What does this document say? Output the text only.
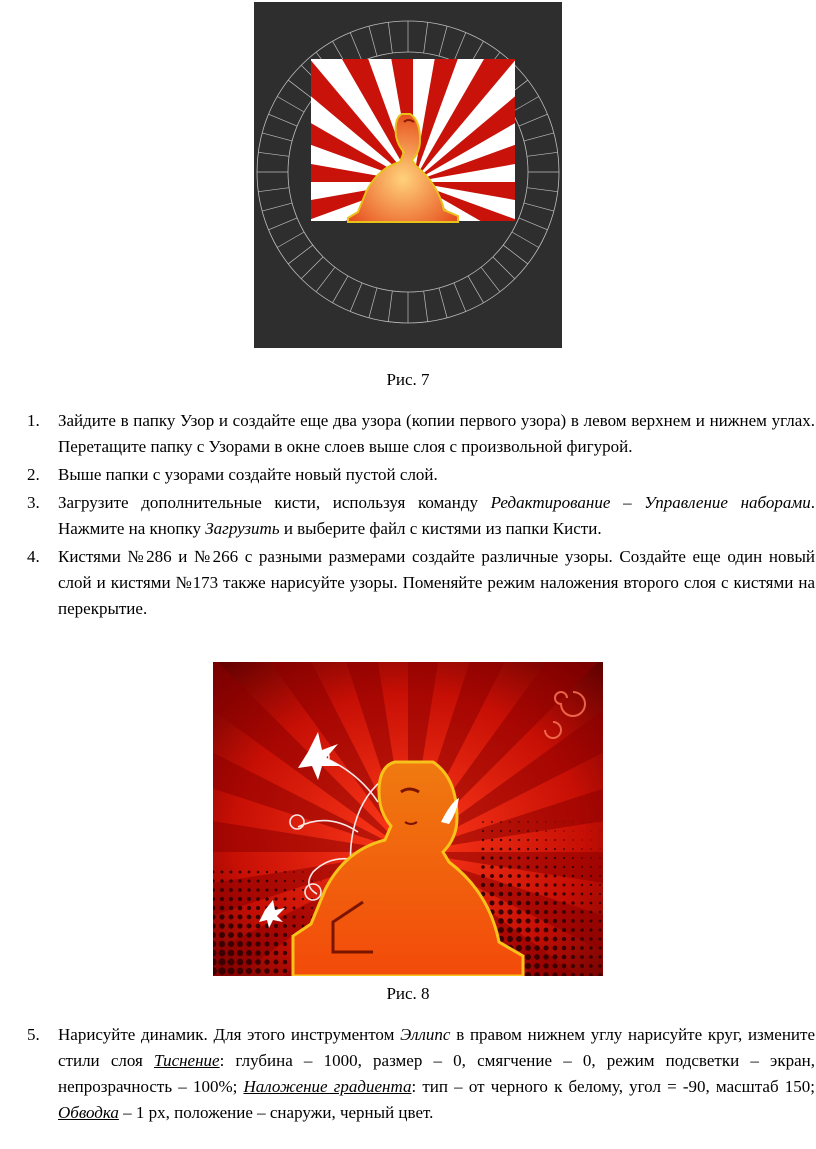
Рис. 7
1. Зайдите в папку Узор и создайте еще два узора (копии первого узора) в левом верхнем и нижнем углах. Перетащите папку с Узорами в окне слоев выше слоя с произвольной фигурой.
2. Выше папки с узорами создайте новый пустой слой.
3. Загрузите дополнительные кисти, используя команду Редактирование – Управление наборами. Нажмите на кнопку Загрузить и выберите файл с кистями из папки Кисти.
4. Кистями №286 и №266 с разными размерами создайте различные узоры. Создайте еще один новый слой и кистями №173 также нарисуйте узоры. Поменяйте режим наложения второго слоя с кистями на перекрытие.
Рис. 8
5. Нарисуйте динамик. Для этого инструментом Эллипс в правом нижнем углу нарисуйте круг, измените стили слоя Тиснение: глубина – 1000, размер – 0, смягчение – 0, режим подсветки – экран, непрозрачность – 100%; Наложение градиента: тип – от черного к белому, угол = -90, масштаб 150; Обводка – 1 px, положение – снаружи, черный цвет.
